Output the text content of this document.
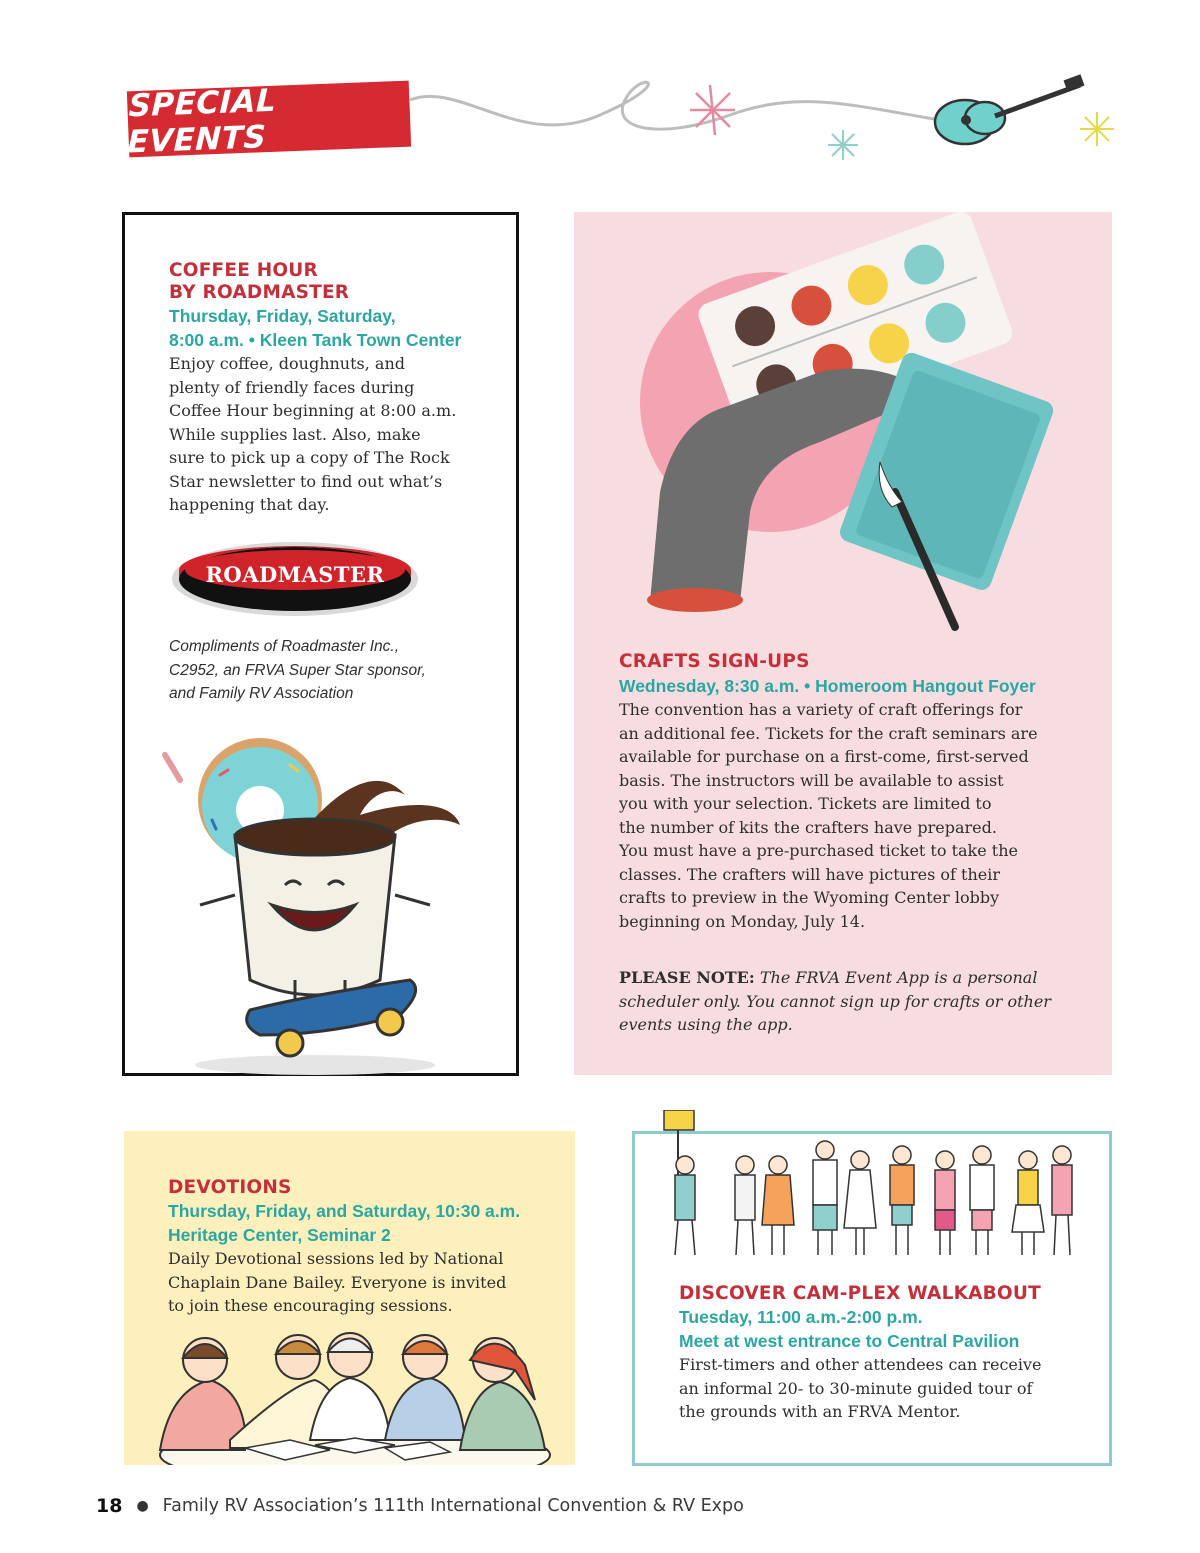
SPECIAL EVENTS
COFFEE HOUR
BY ROADMASTER
Thursday, Friday, Saturday,
8:00 a.m. • Kleen Tank Town Center
Enjoy coffee, doughnuts, and
plenty of friendly faces during
Coffee Hour beginning at 8:00 a.m.
While supplies last. Also, make
sure to pick up a copy of The Rock
Star newsletter to find out what’s
happening that day.
ROADMASTER
Compliments of Roadmaster Inc.,
C2952, an FRVA Super Star sponsor,
and Family RV Association
CRAFTS SIGN-UPS
Wednesday, 8:30 a.m. • Homeroom Hangout Foyer
The convention has a variety of craft offerings for
an additional fee. Tickets for the craft seminars are
available for purchase on a first-come, first-served
basis. The instructors will be available to assist
you with your selection. Tickets are limited to
the number of kits the crafters have prepared.
You must have a pre-purchased ticket to take the
classes. The crafters will have pictures of their
crafts to preview in the Wyoming Center lobby
beginning on Monday, July 14.
PLEASE NOTE: The FRVA Event App is a personal
scheduler only. You cannot sign up for crafts or other
events using the app.
DEVOTIONS
Thursday, Friday, and Saturday, 10:30 a.m.
Heritage Center, Seminar 2
Daily Devotional sessions led by National
Chaplain Dane Bailey. Everyone is invited
to join these encouraging sessions.
DISCOVER CAM-PLEX WALKABOUT
Tuesday, 11:00 a.m.-2:00 p.m.
Meet at west entrance to Central Pavilion
First-timers and other attendees can receive
an informal 20- to 30-minute guided tour of
the grounds with an FRVA Mentor.
18 ● Family RV Association’s 111th International Convention & RV Expo
